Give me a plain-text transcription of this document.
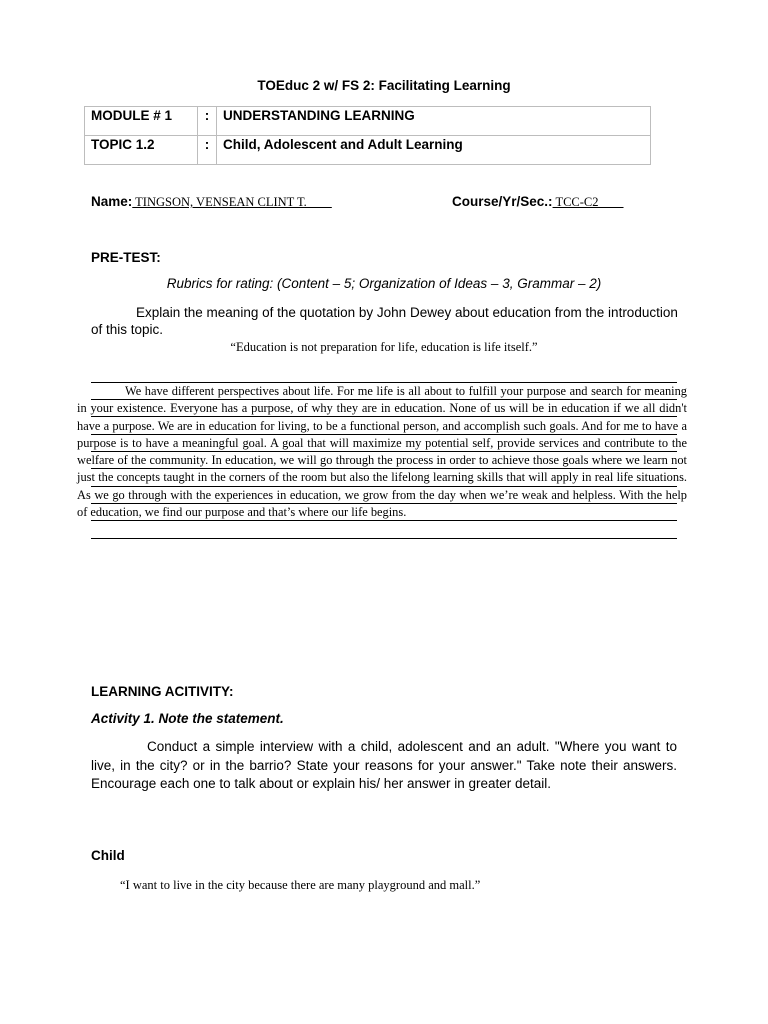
TOEduc 2 w/ FS 2: Facilitating Learning
MODULE # 1	:	UNDERSTANDING LEARNING
TOPIC 1.2	:	Child, Adolescent and Adult Learning
Name: TINGSON, VENSEAN CLINT T.	Course/Yr/Sec.: TCC-C2
PRE-TEST:
Rubrics for rating: (Content – 5; Organization of Ideas – 3, Grammar – 2)
Explain the meaning of the quotation by John Dewey about education from the introduction of this topic.
“Education is not preparation for life, education is life itself.”
We have different perspectives about life. For me life is all about to fulfill your purpose and search for meaning in your existence. Everyone has a purpose, of why they are in education. None of us will be in education if we all didn't have a purpose. We are in education for living, to be a functional person, and accomplish such goals. And for me to have a purpose is to have a meaningful goal. A goal that will maximize my potential self, provide services and contribute to the welfare of the community. In education, we will go through the process in order to achieve those goals where we learn not just the concepts taught in the corners of the room but also the lifelong learning skills that will apply in real life situations. As we go through with the experiences in education, we grow from the day when we’re weak and helpless. With the help of education, we find our purpose and that’s where our life begins.
LEARNING ACITIVITY:
Activity 1. Note the statement.
Conduct a simple interview with a child, adolescent and an adult. "Where you want to live, in the city? or in the barrio? State your reasons for your answer." Take note their answers. Encourage each one to talk about or explain his/ her answer in greater detail.
Child
“I want to live in the city because there are many playground and mall.”
